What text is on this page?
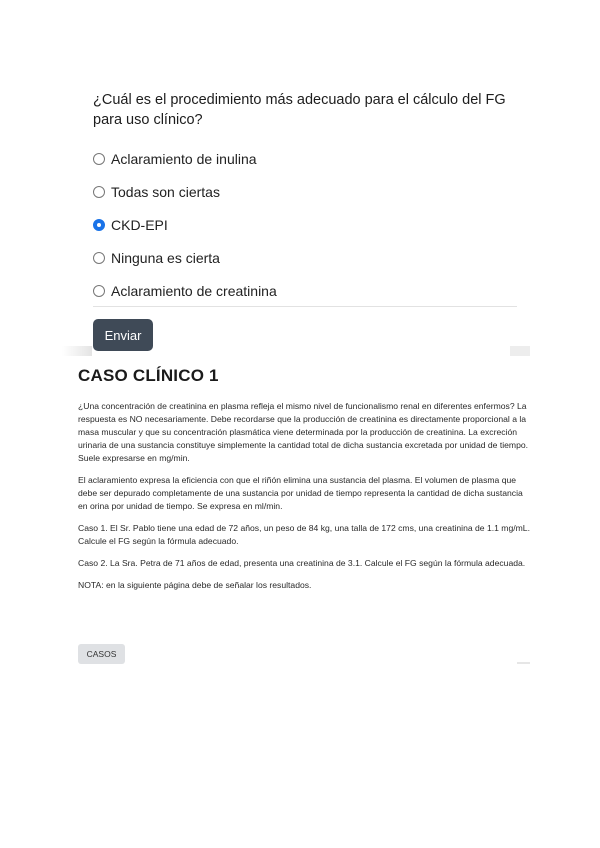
¿Cuál es el procedimiento más adecuado para el cálculo del FG para uso clínico?
Aclaramiento de inulina
Todas son ciertas
CKD-EPI
Ninguna es cierta
Aclaramiento de creatinina
Enviar
CASO CLÍNICO 1

¿Una concentración de creatinina en plasma refleja el mismo nivel de funcionalismo renal en diferentes enfermos? La respuesta es NO necesariamente. Debe recordarse que la producción de creatinina es directamente proporcional a la masa muscular y que su concentración plasmática viene determinada por la producción de creatinina. La excreción urinaria de una sustancia constituye simplemente la cantidad total de dicha sustancia excretada por unidad de tiempo. Suele expresarse en mg/min.

El aclaramiento expresa la eficiencia con que el riñón elimina una sustancia del plasma. El volumen de plasma que debe ser depurado completamente de una sustancia por unidad de tiempo representa la cantidad de dicha sustancia en orina por unidad de tiempo. Se expresa en ml/min.

Caso 1. El Sr. Pablo tiene una edad de 72 años, un peso de 84 kg, una talla de 172 cms, una creatinina de 1.1 mg/mL. Calcule el FG según la fórmula adecuado.

Caso 2. La Sra. Petra de 71 años de edad, presenta una creatinina de 3.1. Calcule el FG según la fórmula adecuada.

NOTA: en la siguiente página debe de señalar los resultados.

CASOS
